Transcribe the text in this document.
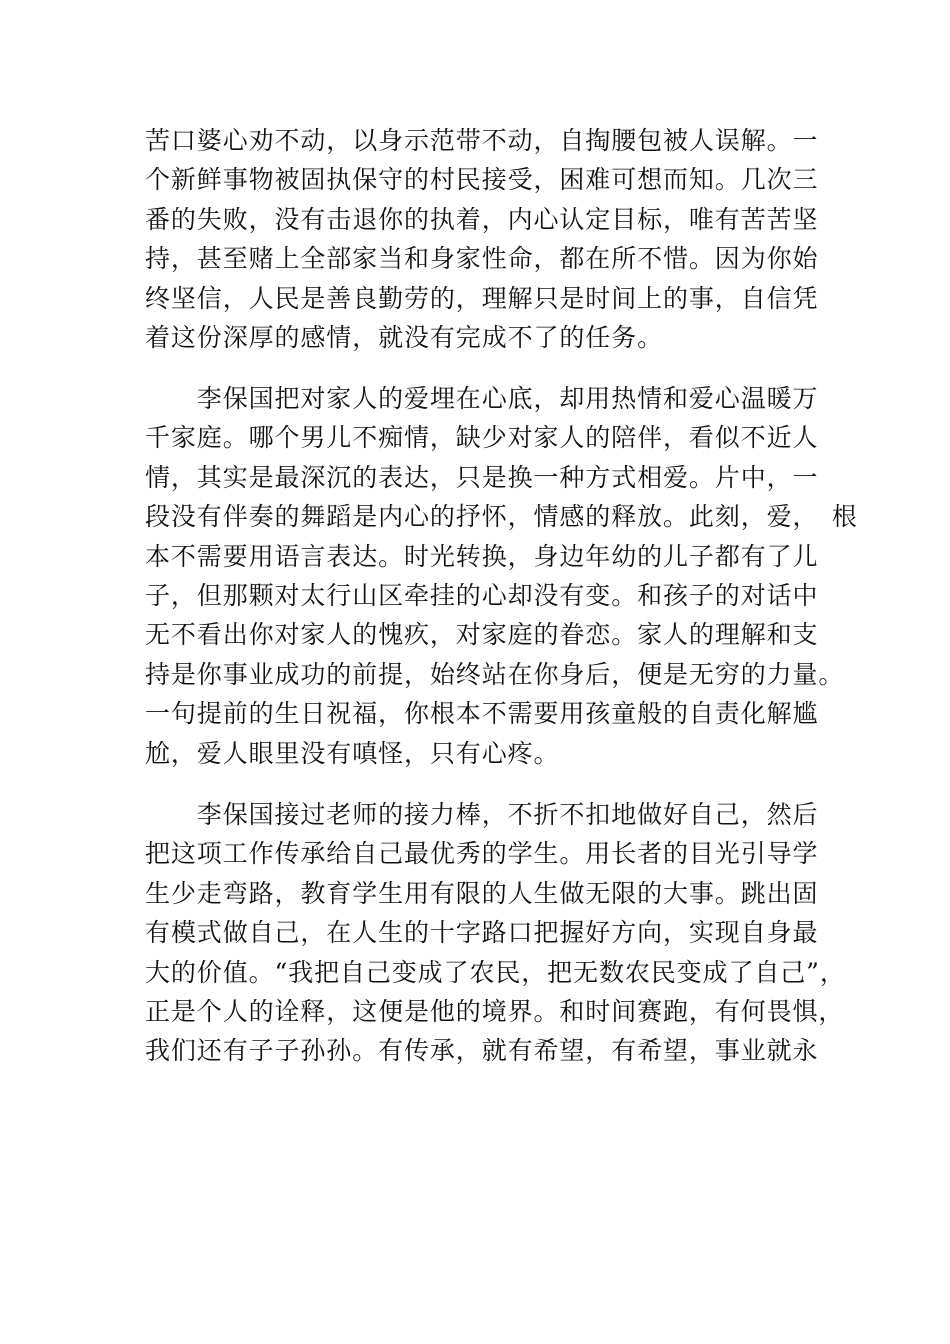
苦口婆心劝不动，以身示范带不动，自掏腰包被人误解。一
个新鲜事物被固执保守的村民接受，困难可想而知。几次三
番的失败，没有击退你的执着，内心认定目标，唯有苦苦坚
持，甚至赌上全部家当和身家性命，都在所不惜。因为你始
终坚信，人民是善良勤劳的，理解只是时间上的事，自信凭
着这份深厚的感情，就没有完成不了的任务。
　　李保国把对家人的爱埋在心底，却用热情和爱心温暖万
千家庭。哪个男儿不痴情，缺少对家人的陪伴，看似不近人
情，其实是最深沉的表达，只是换一种方式相爱。片中，一
段没有伴奏的舞蹈是内心的抒怀，情感的释放。此刻，爱，　根
本不需要用语言表达。时光转换，身边年幼的儿子都有了儿
子，但那颗对太行山区牵挂的心却没有变。和孩子的对话中
无不看出你对家人的愧疚，对家庭的眷恋。家人的理解和支
持是你事业成功的前提，始终站在你身后，便是无穷的力量。
一句提前的生日祝福，你根本不需要用孩童般的自责化解尴
尬，爱人眼里没有嗔怪，只有心疼。
　　李保国接过老师的接力棒，不折不扣地做好自己，然后
把这项工作传承给自己最优秀的学生。用长者的目光引导学
生少走弯路，教育学生用有限的人生做无限的大事。跳出固
有模式做自己，在人生的十字路口把握好方向，实现自身最
大的价值。“我把自己变成了农民，把无数农民变成了自己”，
正是个人的诠释，这便是他的境界。和时间赛跑，有何畏惧，
我们还有子子孙孙。有传承，就有希望，有希望，事业就永
